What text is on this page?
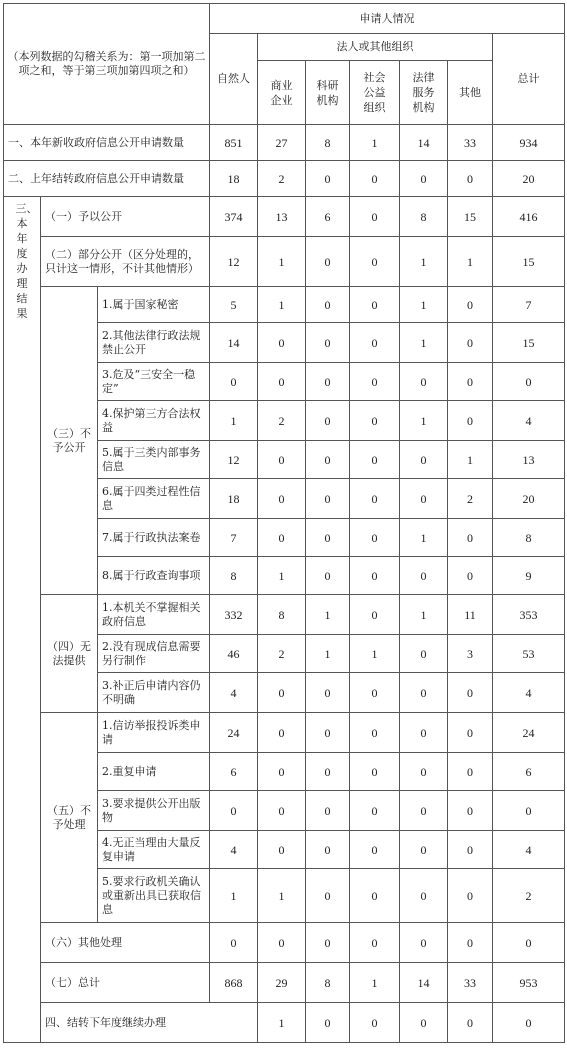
（本列数据的勾稽关系为：第一项加第二项之和，等于第三项加第四项之和）			申请人情况							
			自然人	法人或其他组织					总计	
				商业企业	科研机构	社会公益组织	法律服务机构	其他		
一、本年新收政府信息公开申请数量			851	27	8	1	14	33	934	
二、上年结转政府信息公开申请数量			18	2	0	0	0	0	20	
三、本年度办理结果	（一）予以公开		374	13	6	0	8	15	416	
	（二）部分公开（区分处理的，只计这一情形，不计其他情形）		12	1	0	0	1	1	15	
	（三）不予公开	1.属于国家秘密	5	1	0	0	1	0	7	
		2.其他法律行政法规禁止公开	14	0	0	0	1	0	15	
		3.危及“三安全一稳定”	0	0	0	0	0	0	0	
		4.保护第三方合法权益	1	2	0	0	1	0	4	
		5.属于三类内部事务信息	12	0	0	0	0	1	13	
		6.属于四类过程性信息	18	0	0	0	0	2	20	
		7.属于行政执法案卷	7	0	0	0	1	0	8	
		8.属于行政查询事项	8	1	0	0	0	0	9	
	（四）无法提供	1.本机关不掌握相关政府信息	332	8	1	0	1	11	353	
		2.没有现成信息需要另行制作	46	2	1	1	0	3	53	
		3.补正后申请内容仍不明确	4	0	0	0	0	0	4	
	（五）不予处理	1.信访举报投诉类申请	24	0	0	0	0	0	24	
		2.重复申请	6	0	0	0	0	0	6	
		3.要求提供公开出版物	0	0	0	0	0	0	0	
		4.无正当理由大量反复申请	4	0	0	0	0	0	4	
		5.要求行政机关确认或重新出具已获取信息	1	1	0	0	0	0	2	
	（六）其他处理		0	0	0	0	0	0	0	
	（七）总计		868	29	8	1	14	33	953	
	四、结转下年度继续办理			1	0	0	0	0	0	
